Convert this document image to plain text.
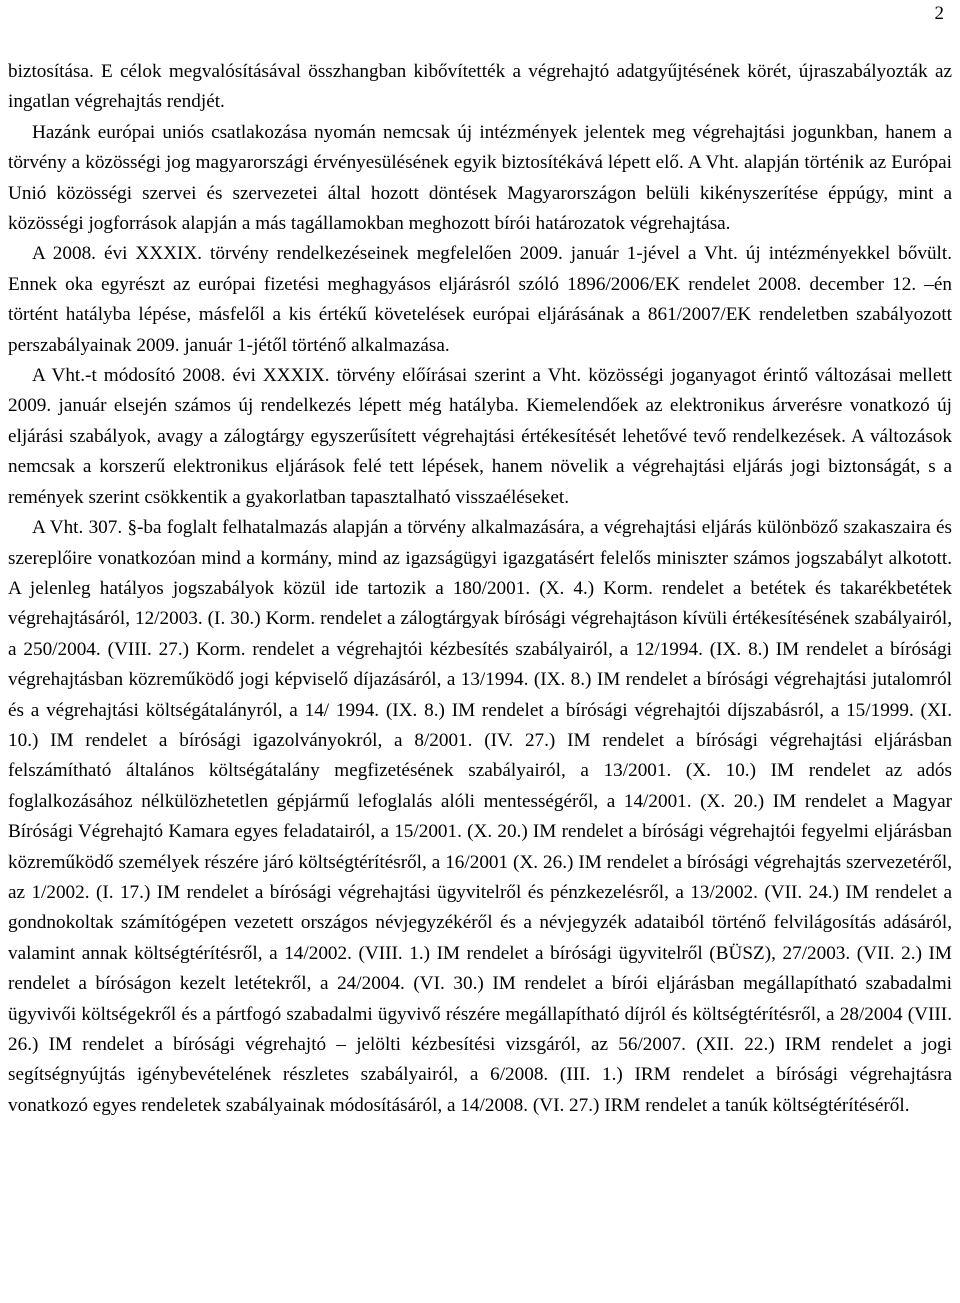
2

biztosítása. E célok megvalósításával összhangban kibővítették a végrehajtó adatgyűjtésének körét, újraszabályozták az ingatlan végrehajtás rendjét.

Hazánk európai uniós csatlakozása nyomán nemcsak új intézmények jelentek meg végrehajtási jogunkban, hanem a törvény a közösségi jog magyarországi érvényesülésének egyik biztosítékává lépett elő. A Vht. alapján történik az Európai Unió közösségi szervei és szervezetei által hozott döntések Magyarországon belüli kikényszerítése éppúgy, mint a közösségi jogforrások alapján a más tagállamokban meghozott bírói határozatok végrehajtása.

A 2008. évi XXXIX. törvény rendelkezéseinek megfelelően 2009. január 1-jével a Vht. új intézményekkel bővült. Ennek oka egyrészt az európai fizetési meghagyásos eljárásról szóló 1896/2006/EK rendelet 2008. december 12. –én történt hatályba lépése, másfelől a kis értékű követelések európai eljárásának a 861/2007/EK rendeletben szabályozott perszabályainak 2009. január 1-jétől történő alkalmazása.

A Vht.-t módosító 2008. évi XXXIX. törvény előírásai szerint a Vht. közösségi joganyagot érintő változásai mellett 2009. január elsején számos új rendelkezés lépett még hatályba. Kiemelendőek az elektronikus árverésre vonatkozó új eljárási szabályok, avagy a zálogtárgy egyszerűsített végrehajtási értékesítését lehetővé tevő rendelkezések. A változások nemcsak a korszerű elektronikus eljárások felé tett lépések, hanem növelik a végrehajtási eljárás jogi biztonságát, s a remények szerint csökkentik a gyakorlatban tapasztalható visszaéléseket.

A Vht. 307. §-ba foglalt felhatalmazás alapján a törvény alkalmazására, a végrehajtási eljárás különböző szakaszaira és szereplőire vonatkozóan mind a kormány, mind az igazságügyi igazgatásért felelős miniszter számos jogszabályt alkotott. A jelenleg hatályos jogszabályok közül ide tartozik a 180/2001. (X. 4.) Korm. rendelet a betétek és takarékbetétek végrehajtásáról, 12/2003. (I. 30.) Korm. rendelet a zálogtárgyak bírósági végrehajtáson kívüli értékesítésének szabályairól, a 250/2004. (VIII. 27.) Korm. rendelet a végrehajtói kézbesítés szabályairól, a 12/1994. (IX. 8.) IM rendelet a bírósági végrehajtásban közreműködő jogi képviselő díjazásáról, a 13/1994. (IX. 8.) IM rendelet a bírósági végrehajtási jutalomról és a végrehajtási költségátalányról, a 14/ 1994. (IX. 8.) IM rendelet a bírósági végrehajtói díjszabásról, a 15/1999. (XI. 10.) IM rendelet a bírósági igazolványokról, a 8/2001. (IV. 27.) IM rendelet a bírósági végrehajtási eljárásban felszámítható általános költségátalány megfizetésének szabályairól, a 13/2001. (X. 10.) IM rendelet az adós foglalkozásához nélkülözhetetlen gépjármű lefoglalás alóli mentességéről, a 14/2001. (X. 20.) IM rendelet a Magyar Bírósági Végrehajtó Kamara egyes feladatairól, a 15/2001. (X. 20.) IM rendelet a bírósági végrehajtói fegyelmi eljárásban közreműködő személyek részére járó költségtérítésről, a 16/2001 (X. 26.) IM rendelet a bírósági végrehajtás szervezetéről, az 1/2002. (I. 17.) IM rendelet a bírósági végrehajtási ügyvitelről és pénzkezelésről, a 13/2002. (VII. 24.) IM rendelet a gondnokoltak számítógépen vezetett országos névjegyzékéről és a névjegyzék adataiból történő felvilágosítás adásáról, valamint annak költségtérítésről, a 14/2002. (VIII. 1.) IM rendelet a bírósági ügyvitelről (BÜSZ), 27/2003. (VII. 2.) IM rendelet a bíróságon kezelt letétekről, a 24/2004. (VI. 30.) IM rendelet a bírói eljárásban megállapítható szabadalmi ügyvivői költségekről és a pártfogó szabadalmi ügyvivő részére megállapítható díjról és költségtérítésről, a 28/2004 (VIII. 26.) IM rendelet a bírósági végrehajtó – jelölti kézbesítési vizsgáról, az 56/2007. (XII. 22.) IRM rendelet a jogi segítségnyújtás igénybevételének részletes szabályairól, a 6/2008. (III. 1.) IRM rendelet a bírósági végrehajtásra vonatkozó egyes rendeletek szabályainak módosításáról, a 14/2008. (VI. 27.) IRM rendelet a tanúk költségtérítéséről.
